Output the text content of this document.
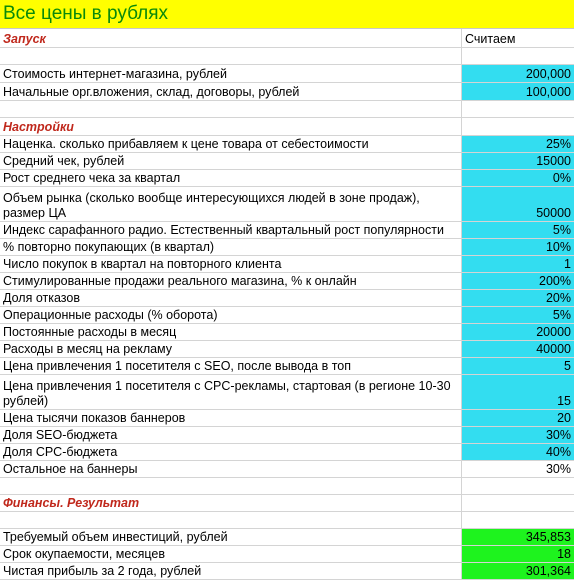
Все цены в рублях
Запуск	Считаем
Стоимость интернет-магазина, рублей	200,000
Начальные орг.вложения, склад, договоры, рублей	100,000
Настройки
Наценка. сколько прибавляем к цене товара от себестоимости	25%
Средний чек, рублей	15000
Рост среднего чека за квартал	0%
Объем рынка (сколько вообще интересующихся людей в зоне продаж), размер ЦА	50000
Индекс сарафанного радио. Естественный квартальный рост популярности	5%
% повторно покупающих (в квартал)	10%
Число покупок в квартал на повторного клиента	1
Стимулированные продажи реального магазина, % к онлайн	200%
Доля отказов	20%
Операционные расходы (% оборота)	5%
Постоянные расходы в месяц	20000
Расходы в месяц на рекламу	40000
Цена привлечения 1 посетителя с SEO, после вывода в топ	5
Цена привлечения 1 посетителя с CPC-рекламы, стартовая (в регионе 10-30 рублей)	15
Цена тысячи показов баннеров	20
Доля SEO-бюджета	30%
Доля CPC-бюджета	40%
Остальное на баннеры	30%
Финансы. Результат
Требуемый объем инвестиций, рублей	345,853
Срок окупаемости, месяцев	18
Чистая прибыль за 2 года, рублей	301,364
